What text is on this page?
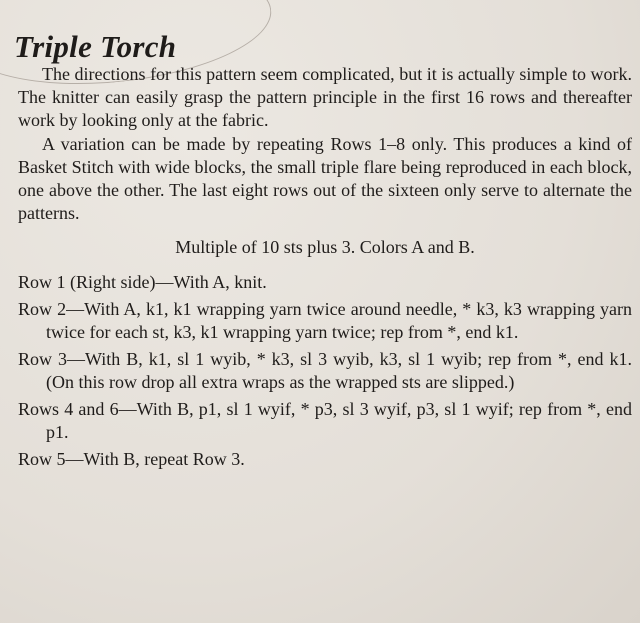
Triple Torch

The directions for this pattern seem complicated, but it is actually simple to work. The knitter can easily grasp the pattern principle in the first 16 rows and thereafter work by looking only at the fabric.

A variation can be made by repeating Rows 1–8 only. This produces a kind of Basket Stitch with wide blocks, the small triple flare being reproduced in each block, one above the other. The last eight rows out of the sixteen only serve to alternate the patterns.

Multiple of 10 sts plus 3. Colors A and B.

Row 1 (Right side)—With A, knit.

Row 2—With A, k1, k1 wrapping yarn twice around needle, * k3, k3 wrapping yarn twice for each st, k3, k1 wrapping yarn twice; rep from *, end k1.

Row 3—With B, k1, sl 1 wyib, * k3, sl 3 wyib, k3, sl 1 wyib; rep from *, end k1. (On this row drop all extra wraps as the wrapped sts are slipped.)

Rows 4 and 6—With B, p1, sl 1 wyif, * p3, sl 3 wyif, p3, sl 1 wyif; rep from *, end p1.

Row 5—With B, repeat Row 3.
